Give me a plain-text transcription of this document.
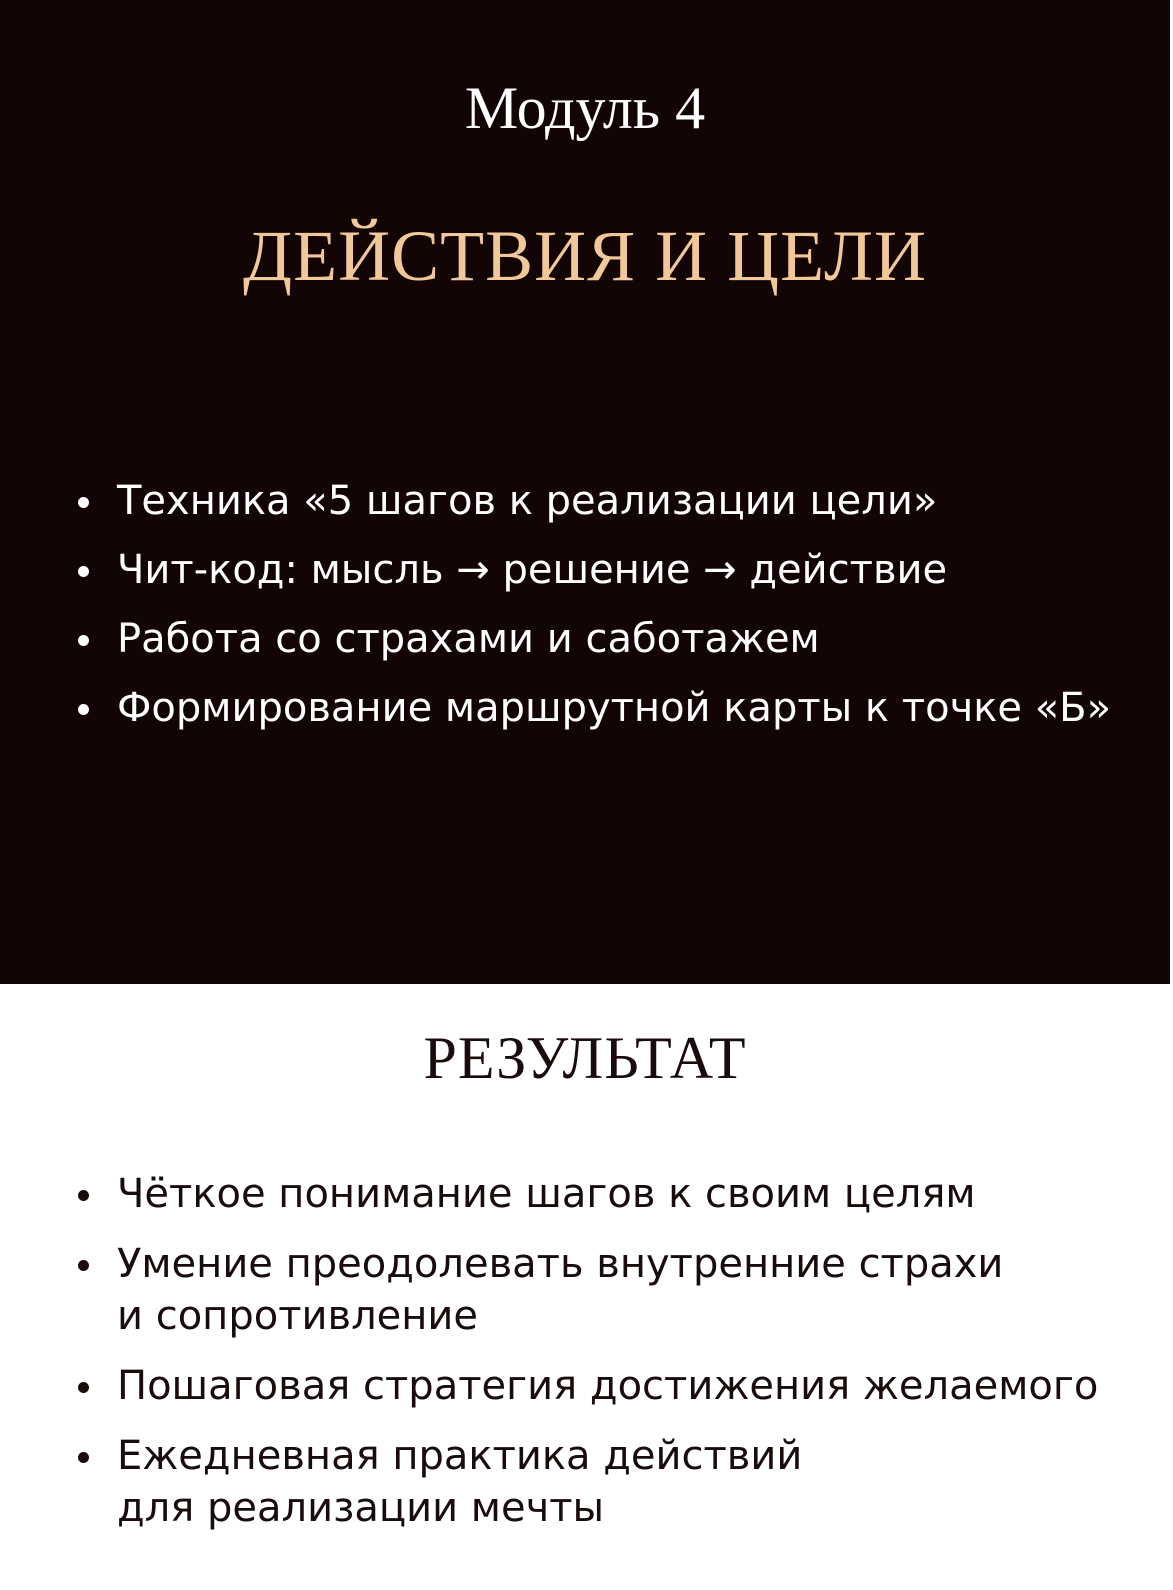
Модуль 4
ДЕЙСТВИЯ И ЦЕЛИ
Техника «5 шагов к реализации цели»
Чит-код: мысль → решение → действие
Работа со страхами и саботажем
Формирование маршрутной карты к точке «Б»
РЕЗУЛЬТАТ
Чёткое понимание шагов к своим целям
Умение преодолевать внутренние страхи
и сопротивление
Пошаговая стратегия достижения желаемого
Ежедневная практика действий
для реализации мечты
